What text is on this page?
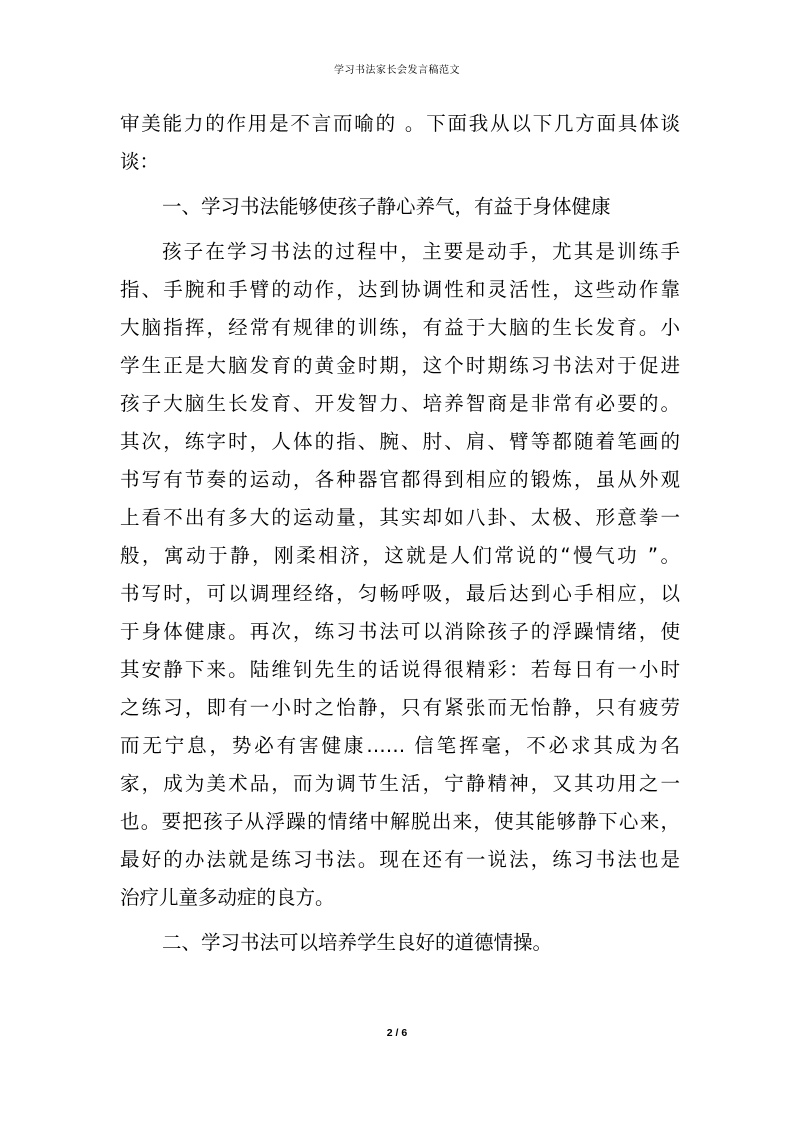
学习书法家长会发言稿范文
审美能力的作用是不言而喻的 。下面我从以下几方面具体谈
谈：
一、学习书法能够使孩子静心养气，有益于身体健康
孩子在学习书法的过程中，主要是动手，尤其是训练手
指、手腕和手臂的动作，达到协调性和灵活性，这些动作靠
大脑指挥，经常有规律的训练，有益于大脑的生长发育。小
学生正是大脑发育的黄金时期，这个时期练习书法对于促进
孩子大脑生长发育、开发智力、培养智商是非常有必要的。
其次，练字时，人体的指、腕、肘、肩、臂等都随着笔画的
书写有节奏的运动，各种器官都得到相应的锻炼，虽从外观
上看不出有多大的运动量，其实却如八卦、太极、形意拳一
般，寓动于静，刚柔相济，这就是人们常说的“慢气功 ”。
书写时，可以调理经络，匀畅呼吸，最后达到心手相应，以
于身体健康。再次，练习书法可以消除孩子的浮躁情绪，使
其安静下来。陆维钊先生的话说得很精彩：若每日有一小时
之练习，即有一小时之怡静，只有紧张而无怡静，只有疲劳
而无宁息，势必有害健康…… 信笔挥毫，不必求其成为名
家，成为美术品，而为调节生活，宁静精神，又其功用之一
也。要把孩子从浮躁的情绪中解脱出来，使其能够静下心来，
最好的办法就是练习书法。现在还有一说法，练习书法也是
治疗儿童多动症的良方。
二、学习书法可以培养学生良好的道德情操。
2 / 6
